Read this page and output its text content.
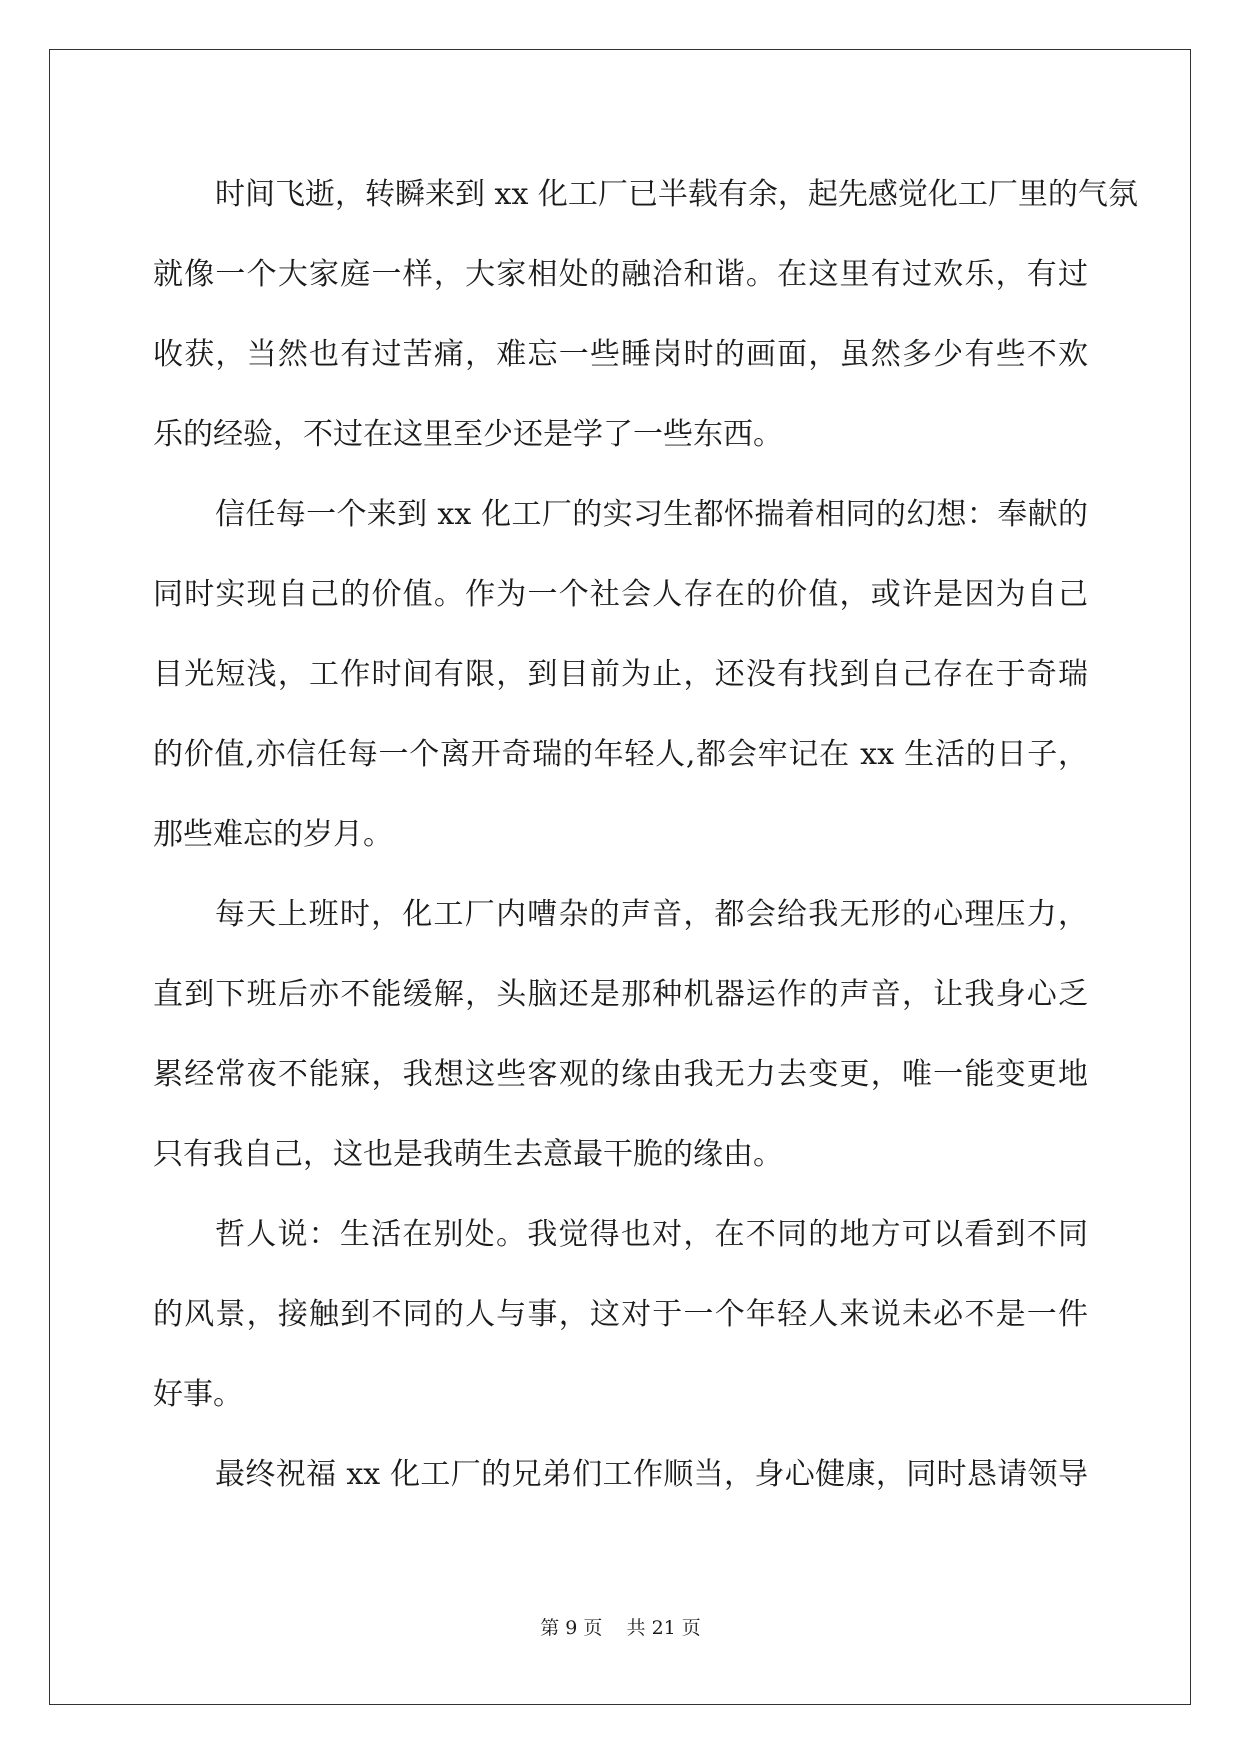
时间飞逝，转瞬来到 xx 化工厂已半载有余，起先感觉化工厂里的气氛
就像一个大家庭一样，大家相处的融洽和谐。在这里有过欢乐，有过
收获，当然也有过苦痛，难忘一些睡岗时的画面，虽然多少有些不欢
乐的经验，不过在这里至少还是学了一些东西。
信任每一个来到 xx 化工厂的实习生都怀揣着相同的幻想：奉献的
同时实现自己的价值。作为一个社会人存在的价值，或许是因为自己
目光短浅，工作时间有限，到目前为止，还没有找到自己存在于奇瑞
的价值,亦信任每一个离开奇瑞的年轻人,都会牢记在 xx 生活的日子，
那些难忘的岁月。
每天上班时，化工厂内嘈杂的声音，都会给我无形的心理压力，
直到下班后亦不能缓解，头脑还是那种机器运作的声音，让我身心乏
累经常夜不能寐，我想这些客观的缘由我无力去变更，唯一能变更地
只有我自己，这也是我萌生去意最干脆的缘由。
哲人说：生活在别处。我觉得也对，在不同的地方可以看到不同
的风景，接触到不同的人与事，这对于一个年轻人来说未必不是一件
好事。
最终祝福 xx 化工厂的兄弟们工作顺当，身心健康，同时恳请领导
第 9 页    共 21 页
